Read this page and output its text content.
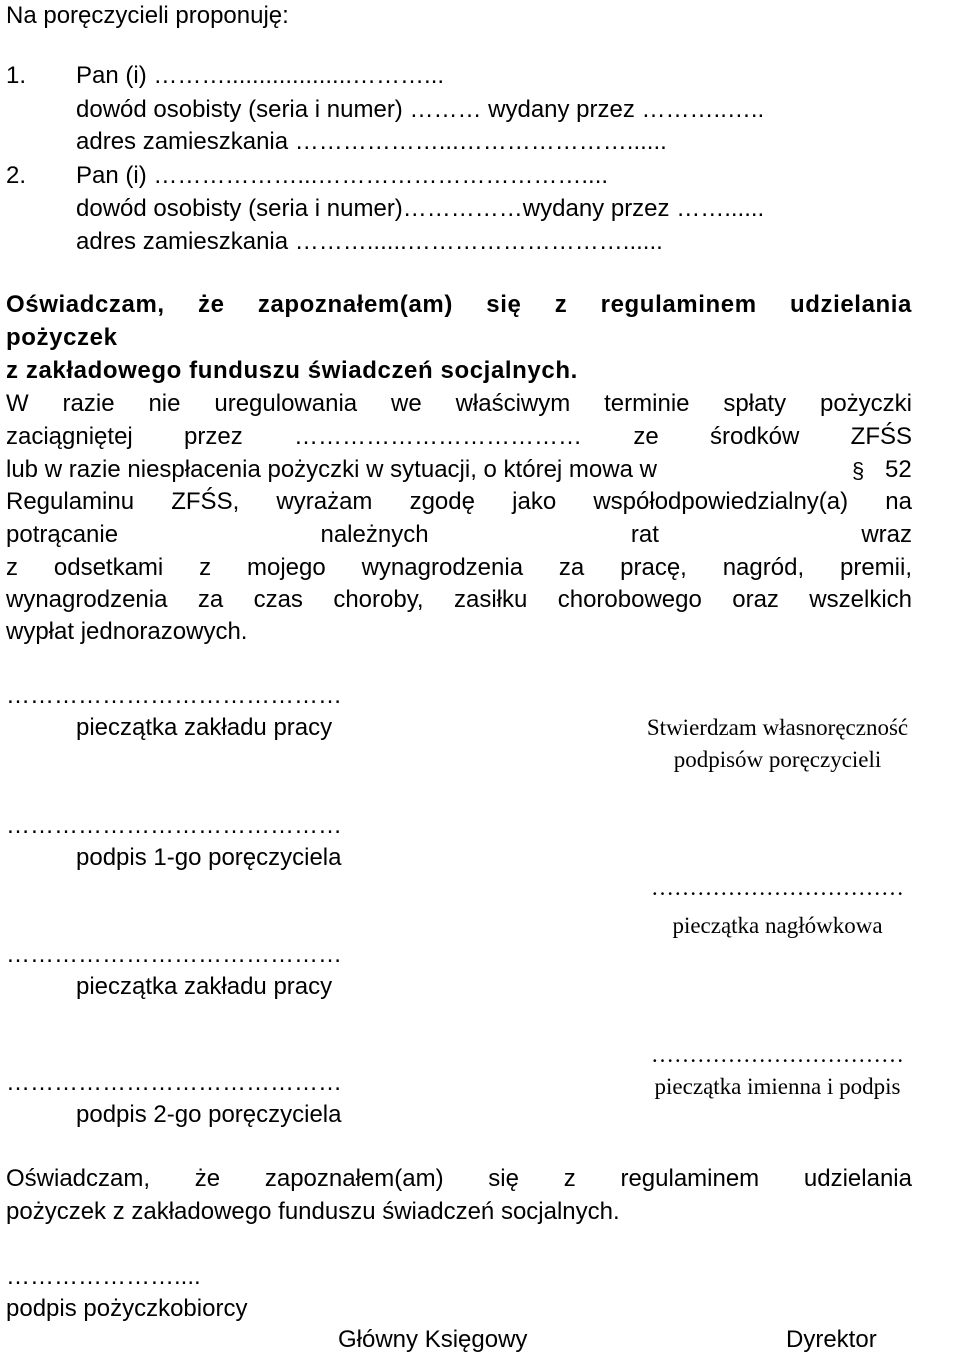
Na poręczycieli proponuję:
1. Pan (i) ………...................………...
dowód osobisty (seria i numer) ……… wydany przez ………..…..
adres zamieszkania ………………...…………………......
2. Pan (i) ………………...……………………………....
dowód osobisty (seria i numer)……………wydany przez ……......
adres zamieszkania ………......………………………......
Oświadczam, że zapoznałem(am) się z regulaminem udzielania
pożyczek
z zakładowego funduszu świadczeń socjalnych.
W razie nie uregulowania we właściwym terminie spłaty pożyczki
zaciągniętej przez ……………………………… ze środków ZFŚS
lub w razie niespłacenia pożyczki w sytuacji, o której mowa w	§ 52
Regulaminu ZFŚS, wyrażam zgodę jako współodpowiedzialny(a) na
potrącanie należnych rat wraz
z odsetkami z mojego wynagrodzenia za pracę, nagród, premii,
wynagrodzenia za czas choroby, zasiłku chorobowego oraz wszelkich
wypłat jednorazowych.
……………………………………
pieczątka zakładu pracy
……………………………………
podpis 1-go poręczyciela
……………………………………
pieczątka zakładu pracy
……………………………………
podpis 2-go poręczyciela
Stwierdzam własnoręczność
podpisów poręczycieli
……………………………
pieczątka nagłówkowa
……………………………
pieczątka imienna i podpis
Oświadczam, że zapoznałem(am) się z regulaminem udzielania
pożyczek z zakładowego funduszu świadczeń socjalnych.
…………………....
podpis pożyczkobiorcy
Główny Księgowy	Dyrektor
